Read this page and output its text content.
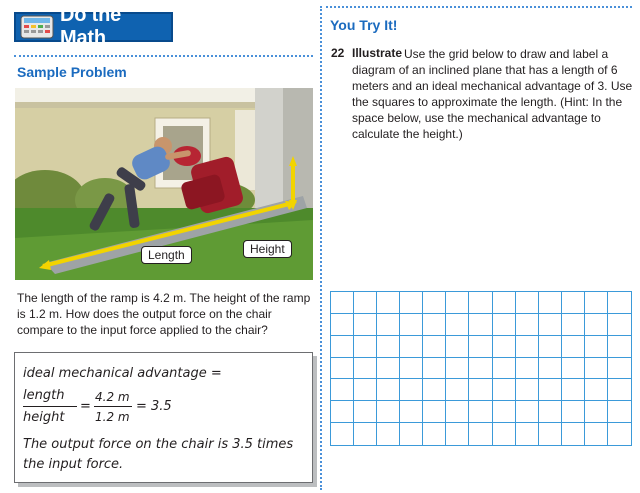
Do the Math
Sample Problem
Length	Height
The length of the ramp is 4.2 m. The height of the ramp is 1.2 m. How does the output force on the chair compare to the input force applied to the chair?
ideal mechanical advantage =
length
height
=
4.2 m
1.2 m
= 3.5
The output force on the chair is 3.5 times
the input force.
You Try It!
22 Illustrate Use the grid below to draw and label a diagram of an inclined plane that has a length of 6 meters and an ideal mechanical advantage of 3. Use the squares to approximate the length. (Hint: In the space below, use the mechanical advantage to calculate the height.)
